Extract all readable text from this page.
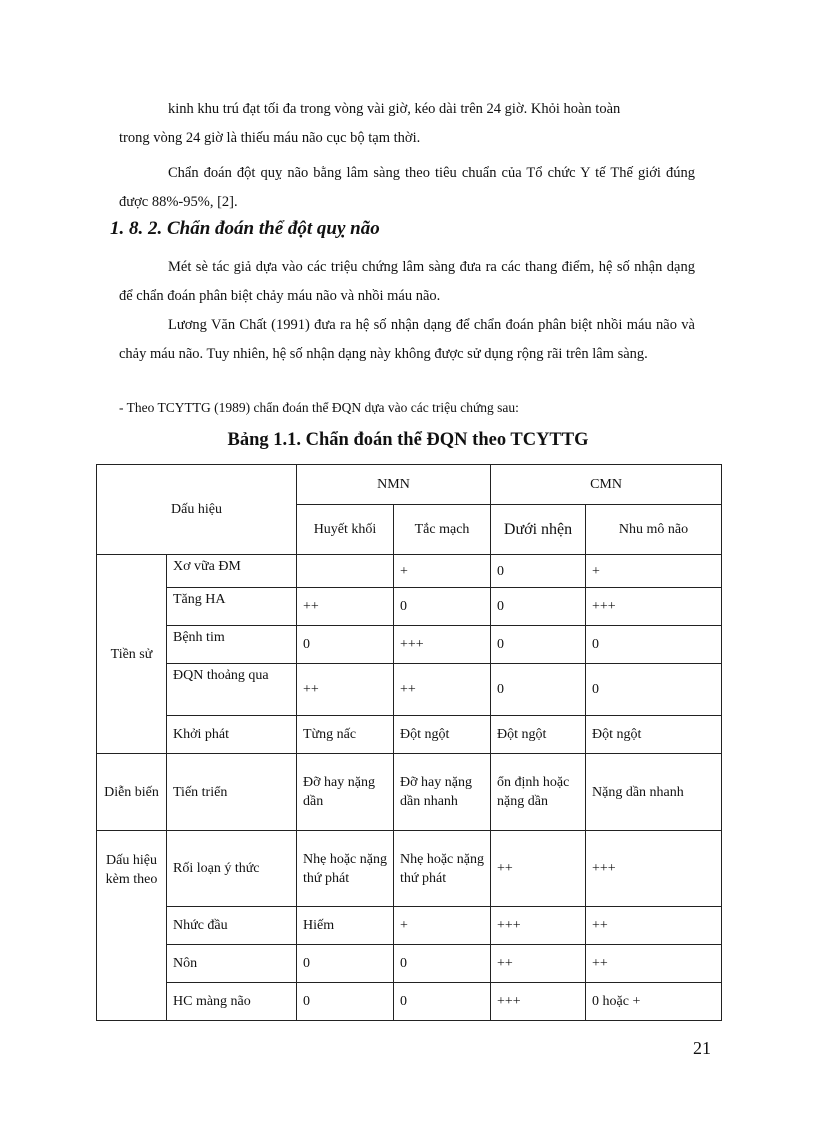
kinh khu trú đạt tối đa trong vòng vài giờ, kéo dài trên 24 giờ. Khỏi hoàn toàn
trong vòng 24 giờ là thiếu máu não cục bộ tạm thời.
Chẩn đoán đột quỵ não bằng lâm sàng theo tiêu chuẩn của Tổ chức Y tế Thế giới đúng được 88%-95%, [2].
1. 8. 2. Chẩn đoán thể đột quỵ não
Mét sè tác giả dựa vào các triệu chứng lâm sàng đưa ra các thang điểm, hệ số nhận dạng để chẩn đoán phân biệt chảy máu não và nhồi máu não.
Lương Văn Chất (1991) đưa ra hệ số nhận dạng để chẩn đoán phân biệt nhồi máu não và chảy máu não. Tuy nhiên, hệ số nhận dạng này không được sử dụng rộng rãi trên lâm sàng.
- Theo TCYTTG (1989) chẩn đoán thể ĐQN dựa vào các triệu chứng sau:
Bảng 1.1. Chẩn đoán thể ĐQN theo TCYTTG
Dấu hiệu		NMN		CMN	
		Huyết khối	Tắc mạch	Dưới nhện	Nhu mô não
Tiền sử	Xơ vữa ĐM		+	0	+
	Tăng HA	++	0	0	+++
	Bệnh tim	0	+++	0	0
	ĐQN thoảng qua	++	++	0	0
	Khởi phát	Từng nấc	Đột ngột	Đột ngột	Đột ngột
Diễn biến	Tiến triển	Đỡ hay nặng dần	Đỡ hay nặng dần nhanh	ổn định hoặc nặng dần	Nặng dần nhanh
Dấu hiệu kèm theo	Rối loạn ý thức	Nhẹ hoặc nặng thứ phát	Nhẹ hoặc nặng thứ phát	++	+++
	Nhức đầu	Hiếm	+	+++	++
	Nôn	0	0	++	++
	HC màng não	0	0	+++	0 hoặc +
21
